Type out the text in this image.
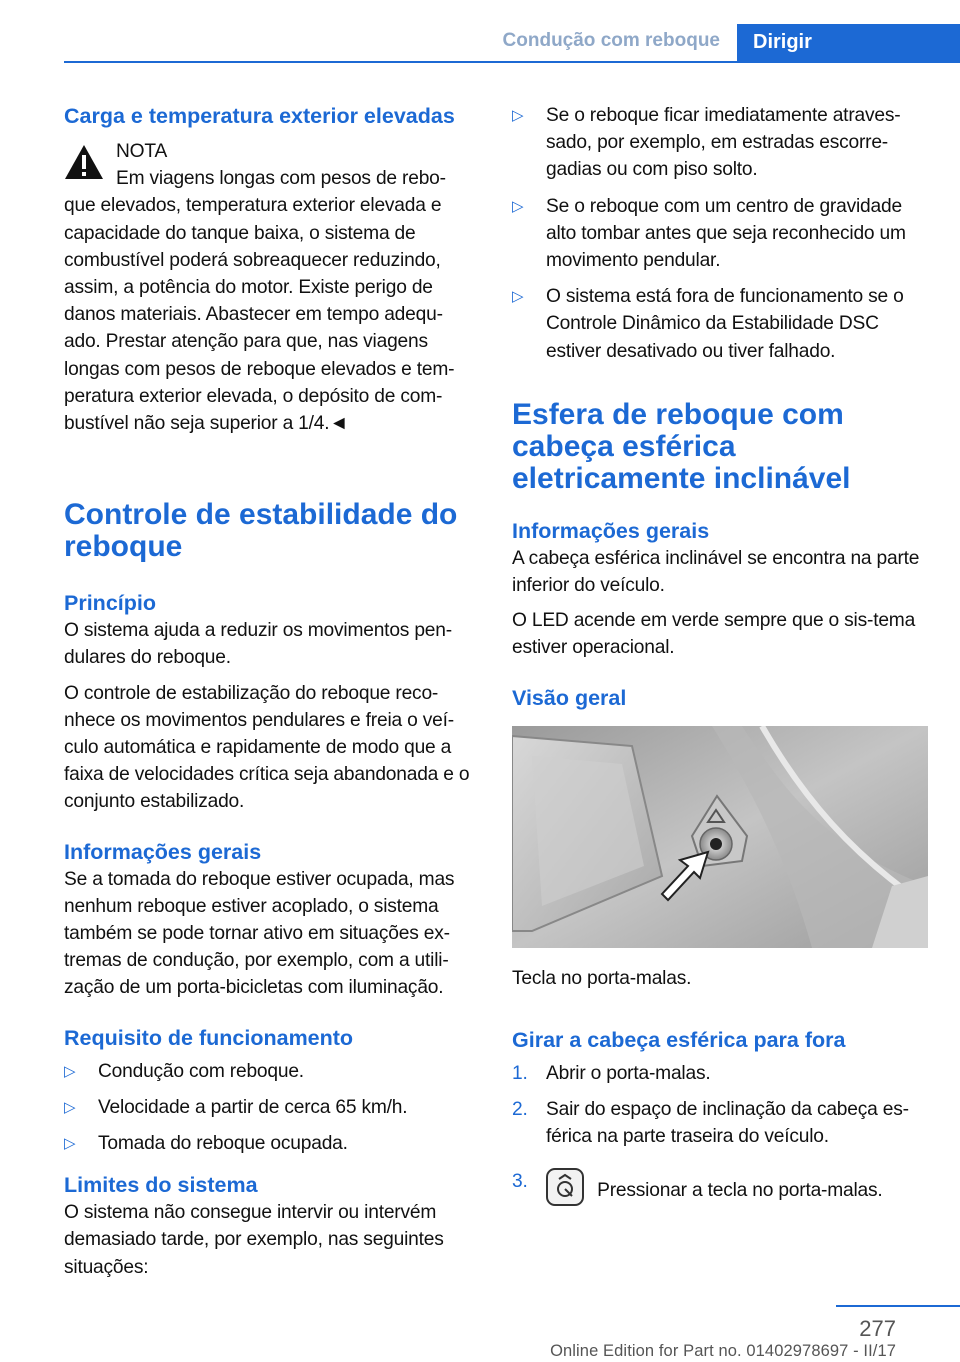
Condução com reboque	Dirigir
Carga e temperatura exterior elevadas

NOTA

Em viagens longas com pesos de rebo-

que elevados, temperatura exterior elevada e capacidade do tanque baixa, o sistema de combustível poderá sobreaquecer reduzindo, assim, a potência do motor. Existe perigo de danos materiais. Abastecer em tempo adequ-ado. Prestar atenção para que, nas viagens longas com pesos de reboque elevados e tem-peratura exterior elevada, o depósito de com-bustível não seja superior a 1/4.◄

Controle de estabilidade do reboque
Princípio

O sistema ajuda a reduzir os movimentos pen-dulares do reboque.

O controle de estabilização do reboque reco-nhece os movimentos pendulares e freia o veí-culo automática e rapidamente de modo que a faixa de velocidades crítica seja abandonada e o conjunto estabilizado.

Informações gerais

Se a tomada do reboque estiver ocupada, mas nenhum reboque estiver acoplado, o sistema também se pode tornar ativo em situações ex-tremas de condução, por exemplo, com a utili-zação de um porta-bicicletas com iluminação.

Requisito de funcionamento
▷ Condução com reboque.
▷ Velocidade a partir de cerca 65 km/h.
▷ Tomada do reboque ocupada.
Limites do sistema

O sistema não consegue intervir ou intervém demasiado tarde, por exemplo, nas seguintes situações:

▷ Se o reboque ficar imediatamente atraves-sado, por exemplo, em estradas escorre-gadias ou com piso solto.
▷ Se o reboque com um centro de gravidade alto tombar antes que seja reconhecido um movimento pendular.
▷ O sistema está fora de funcionamento se o Controle Dinâmico da Estabilidade DSC estiver desativado ou tiver falhado.
Esfera de reboque com cabeça esférica eletricamente inclinável
Informações gerais

A cabeça esférica inclinável se encontra na parte inferior do veículo.

O LED acende em verde sempre que o sis-tema estiver operacional.

Visão geral

Tecla no porta-malas.

Girar a cabeça esférica para fora
1. Abrir o porta-malas.
2. Sair do espaço de inclinação da cabeça es-férica na parte traseira do veículo.
3.	Pressionar a tecla no porta-malas.
277
Online Edition for Part no. 01402978697 - II/17
